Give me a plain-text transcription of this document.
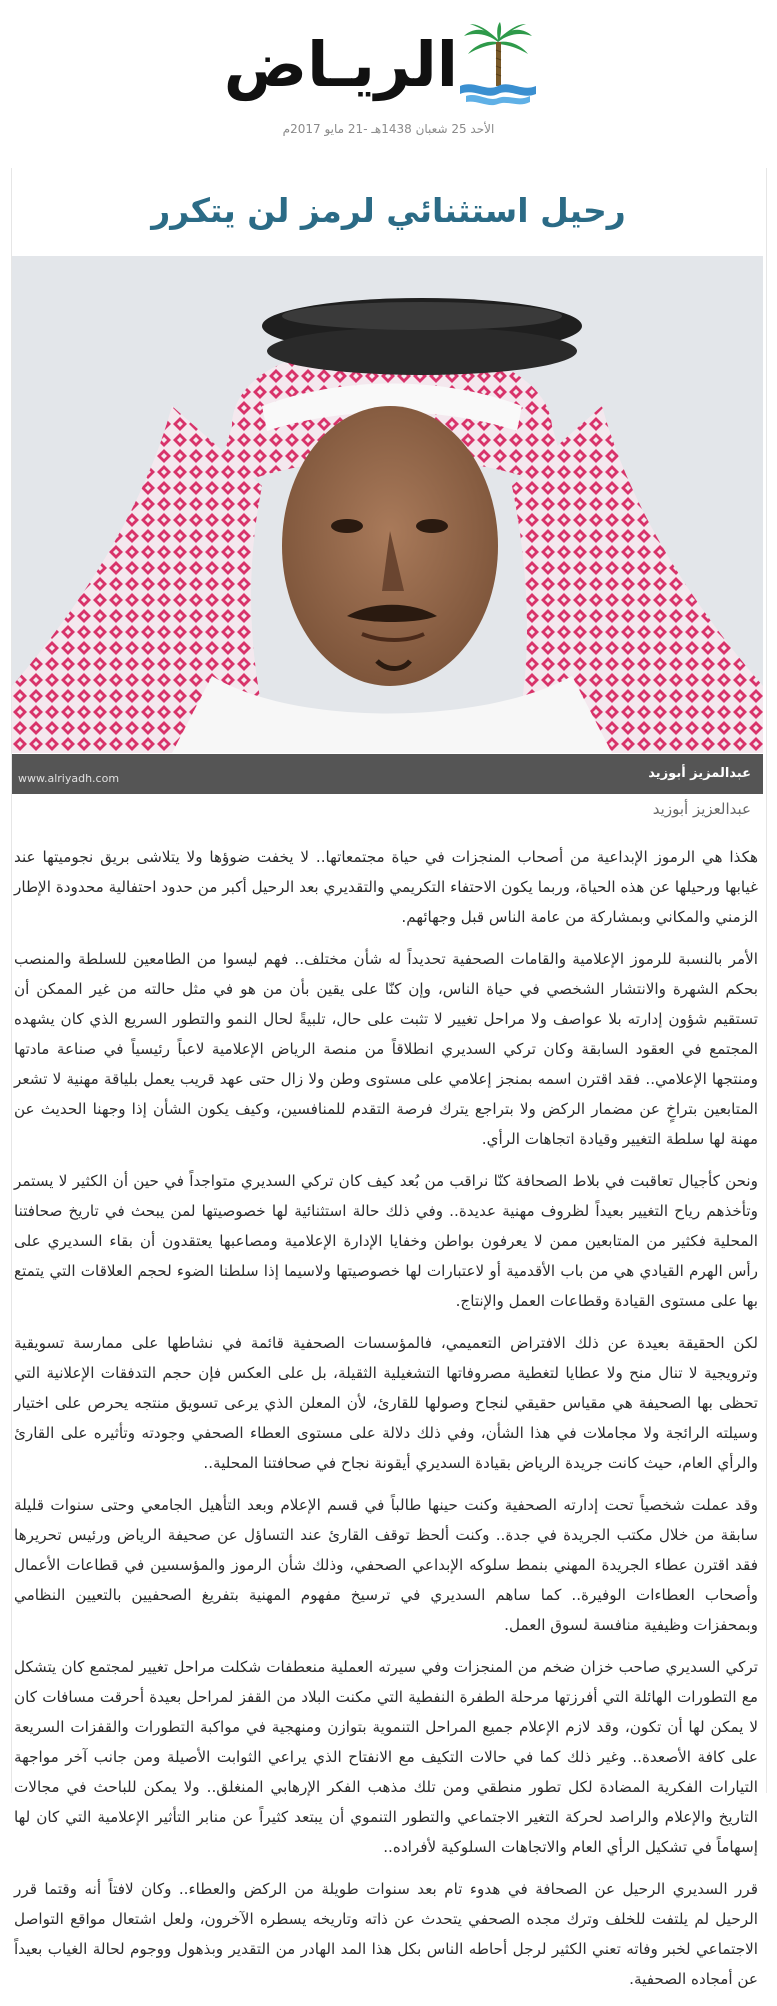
الريـاض
الأحد 25 شعبان 1438هـ -21 مايو 2017م
رحيل استثنائي لرمز لن يتكرر
عبدالمزيز أبوزيد
www.alriyadh.com
عبدالعزيز أبوزيد

هكذا هي الرموز الإبداعية من أصحاب المنجزات في حياة مجتمعاتها.. لا يخفت ضوؤها ولا يتلاشى بريق نجوميتها عند غيابها ورحيلها عن هذه الحياة، وربما يكون الاحتفاء التكريمي والتقديري بعد الرحيل أكبر من حدود احتفالية محدودة الإطار الزمني والمكاني وبمشاركة من عامة الناس قبل وجهائهم.

الأمر بالنسبة للرموز الإعلامية والقامات الصحفية تحديداً له شأن مختلف.. فهم ليسوا من الطامعين للسلطة والمنصب بحكم الشهرة والانتشار الشخصي في حياة الناس، وإن كنّا على يقين بأن من هو في مثل حالته من غير الممكن أن تستقيم شؤون إدارته بلا عواصف ولا مراحل تغيير لا تثبت على حال، تلبيةً لحال النمو والتطور السريع الذي كان يشهده المجتمع في العقود السابقة وكان تركي السديري انطلاقاً من منصة الرياض الإعلامية لاعباً رئيسياً في صناعة مادتها ومنتجها الإعلامي.. فقد اقترن اسمه بمنجز إعلامي على مستوى وطن ولا زال حتى عهد قريب يعمل بلياقة مهنية لا تشعر المتابعين بتراخٍ عن مضمار الركض ولا بتراجع يترك فرصة التقدم للمنافسين، وكيف يكون الشأن إذا وجهنا الحديث عن مهنة لها سلطة التغيير وقيادة اتجاهات الرأي.

ونحن كأجيال تعاقبت في بلاط الصحافة كنّا نراقب من بُعد كيف كان تركي السديري متواجداً في حين أن الكثير لا يستمر وتأخذهم رياح التغيير بعيداً لظروف مهنية عديدة.. وفي ذلك حالة استثنائية لها خصوصيتها لمن يبحث في تاريخ صحافتنا المحلية فكثير من المتابعين ممن لا يعرفون بواطن وخفايا الإدارة الإعلامية ومصاعبها يعتقدون أن بقاء السديري على رأس الهرم القيادي هي من باب الأقدمية أو لاعتبارات لها خصوصيتها ولاسيما إذا سلطنا الضوء لحجم العلاقات التي يتمتع بها على مستوى القيادة وقطاعات العمل والإنتاج.

لكن الحقيقة بعيدة عن ذلك الافتراض التعميمي، فالمؤسسات الصحفية قائمة في نشاطها على ممارسة تسويقية وترويجية لا تنال منح ولا عطايا لتغطية مصروفاتها التشغيلية الثقيلة، بل على العكس فإن حجم التدفقات الإعلانية التي تحظى بها الصحيفة هي مقياس حقيقي لنجاح وصولها للقارئ، لأن المعلن الذي يرعى تسويق منتجه يحرص على اختيار وسيلته الرائجة ولا مجاملات في هذا الشأن، وفي ذلك دلالة على مستوى العطاء الصحفي وجودته وتأثيره على القارئ والرأي العام، حيث كانت جريدة الرياض بقيادة السديري أيقونة نجاح في صحافتنا المحلية..

وقد عملت شخصياً تحت إدارته الصحفية وكنت حينها طالباً في قسم الإعلام وبعد التأهيل الجامعي وحتى سنوات قليلة سابقة من خلال مكتب الجريدة في جدة.. وكنت ألحظ توقف القارئ عند التساؤل عن صحيفة الرياض ورئيس تحريرها فقد اقترن عطاء الجريدة المهني بنمط سلوكه الإبداعي الصحفي، وذلك شأن الرموز والمؤسسين في قطاعات الأعمال وأصحاب العطاءات الوفيرة.. كما ساهم السديري في ترسيخ مفهوم المهنية بتفريغ الصحفيين بالتعيين النظامي وبمحفزات وظيفية منافسة لسوق العمل.

تركي السديري صاحب خزان ضخم من المنجزات وفي سيرته العملية منعطفات شكلت مراحل تغيير لمجتمع كان يتشكل مع التطورات الهائلة التي أفرزتها مرحلة الطفرة النفطية التي مكنت البلاد من القفز لمراحل بعيدة أحرقت مسافات كان لا يمكن لها أن تكون، وقد لازم الإعلام جميع المراحل التنموية بتوازن ومنهجية في مواكبة التطورات والقفزات السريعة على كافة الأصعدة.. وغير ذلك كما في حالات التكيف مع الانفتاح الذي يراعي الثوابت الأصيلة ومن جانب آخر مواجهة التيارات الفكرية المضادة لكل تطور منطقي ومن تلك مذهب الفكر الإرهابي المنغلق.. ولا يمكن للباحث في مجالات التاريخ والإعلام والراصد لحركة التغير الاجتماعي والتطور التنموي أن يبتعد كثيراً عن منابر التأثير الإعلامية التي كان لها إسهاماً في تشكيل الرأي العام والاتجاهات السلوكية لأفراده..

قرر السديري الرحيل عن الصحافة في هدوء تام بعد سنوات طويلة من الركض والعطاء.. وكان لافتاً أنه وقتما قرر الرحيل لم يلتفت للخلف وترك مجده الصحفي يتحدث عن ذاته وتاريخه يسطره الآخرون، ولعل اشتعال مواقع التواصل الاجتماعي لخبر وفاته تعني الكثير لرجل أحاطه الناس بكل هذا المد الهادر من التقدير وبذهول ووجوم لحالة الغياب بعيداً عن أمجاده الصحفية.
